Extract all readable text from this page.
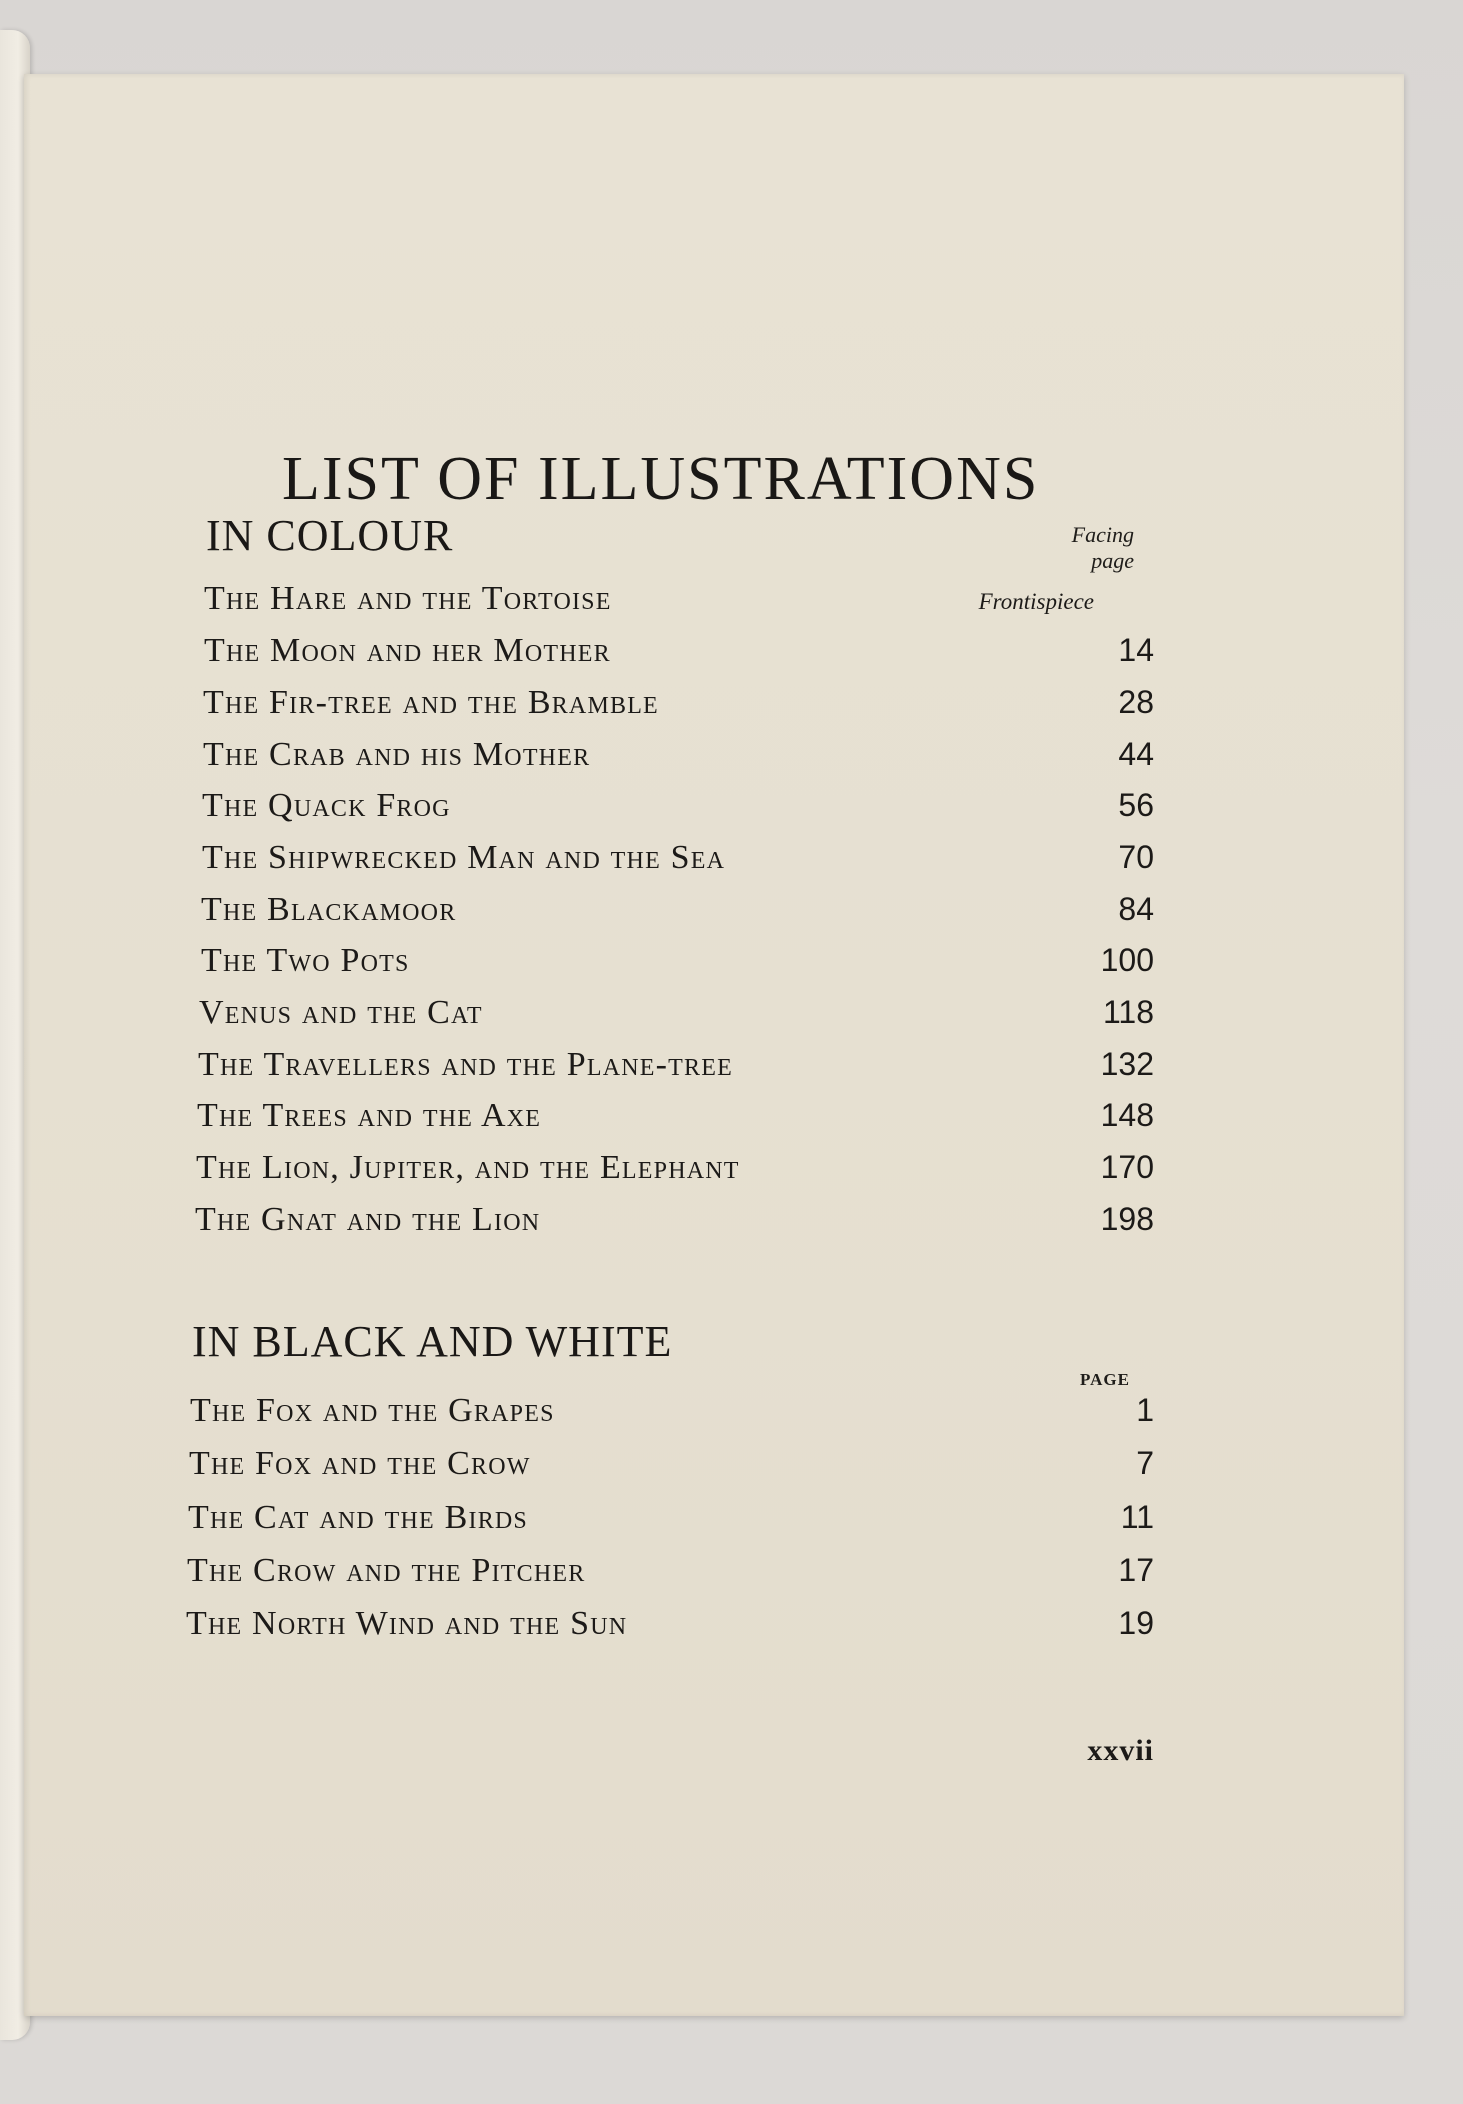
LIST OF ILLUSTRATIONS
IN COLOUR	Facing
page
The Hare and the Tortoise	Frontispiece
The Moon and her Mother	14
The Fir-tree and the Bramble	28
The Crab and his Mother	44
The Quack Frog	56
The Shipwrecked Man and the Sea	70
The Blackamoor	84
The Two Pots	100
Venus and the Cat	118
The Travellers and the Plane-tree	132
The Trees and the Axe	148
The Lion, Jupiter, and the Elephant	170
The Gnat and the Lion	198
IN BLACK AND WHITE
PAGE
The Fox and the Grapes	1
The Fox and the Crow	7
The Cat and the Birds	11
The Crow and the Pitcher	17
The North Wind and the Sun	19
xxvii
